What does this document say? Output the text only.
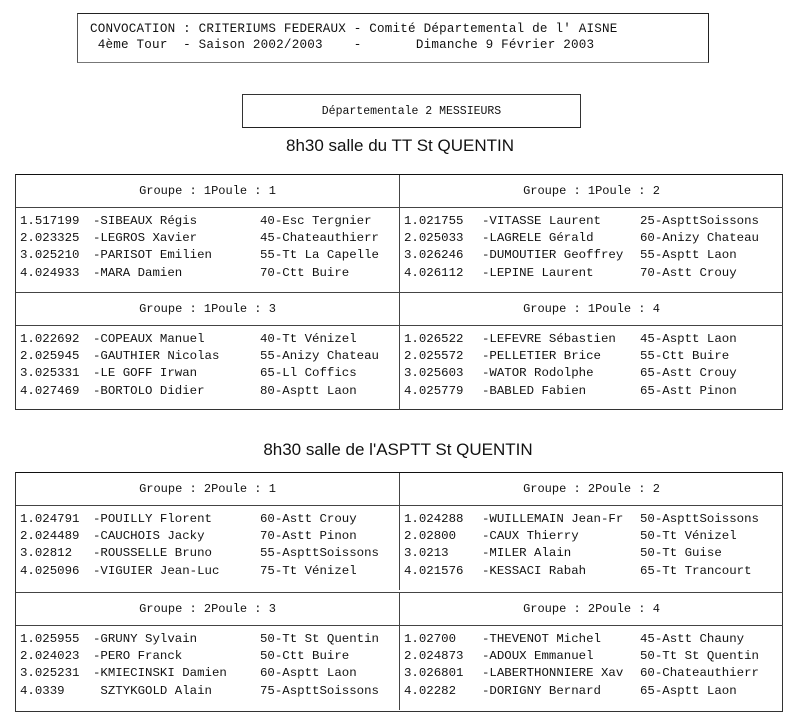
CONVOCATION : CRITERIUMS FEDERAUX - Comité Départemental de l' AISNE
4ème Tour  - Saison 2002/2003    -       Dimanche 9 Février 2003
Départementale 2 MESSIEURS
8h30 salle du TT St QUENTIN
Groupe : 1 Poule : 1
1.517199 -SIBEAUX Régis	40-Esc Tergnier
2.023325 -LEGROS Xavier	45-Chateauthierr
3.025210 -PARISOT Emilien	55-Tt La Capelle
4.024933 -MARA Damien	70-Ctt Buire
Groupe : 1 Poule : 2
1.021755 -VITASSE Laurent	25-AspttSoissons
2.025033 -LAGRELE Gérald	60-Anizy Chateau
3.026246 -DUMOUTIER Geoffrey 55-Asptt Laon
4.026112 -LEPINE Laurent	70-Astt Crouy
Groupe : 1 Poule : 3
1.022692 -COPEAUX Manuel	40-Tt Vénizel
2.025945 -GAUTHIER Nicolas	55-Anizy Chateau
3.025331 -LE GOFF Irwan	65-Ll Coffics
4.027469 -BORTOLO Didier	80-Asptt Laon
Groupe : 1 Poule : 4
1.026522 -LEFEVRE Sébastien 45-Asptt Laon
2.025572 -PELLETIER Brice	55-Ctt Buire
3.025603 -WATOR Rodolphe	65-Astt Crouy
4.025779 -BABLED Fabien	65-Astt Pinon
8h30 salle de l'ASPTT St QUENTIN
Groupe : 2 Poule : 1
1.024791 -POUILLY Florent	60-Astt Crouy
2.024489 -CAUCHOIS Jacky	70-Astt Pinon
3.02812 -ROUSSELLE Bruno	55-AspttSoissons
4.025096 -VIGUIER Jean-Luc	75-Tt Vénizel
Groupe : 2 Poule : 2
1.024288 -WUILLEMAIN Jean-Fr 50-AspttSoissons
2.02800 -CAUX Thierry	50-Tt Vénizel
3.0213	-MILER Alain	50-Tt Guise
4.021576 -KESSACI Rabah	65-Tt Trancourt
Groupe : 2 Poule : 3
1.025955 -GRUNY Sylvain	50-Tt St Quentin
2.024023 -PERO Franck	50-Ctt Buire
3.025231 -KMIECINSKI Damien	60-Asptt Laon
4.0339 SZTYKGOLD Alain	75-AspttSoissons
Groupe : 2 Poule : 4
1.02700 -THEVENOT Michel	45-Astt Chauny
2.024873 -ADOUX Emmanuel	50-Tt St Quentin
3.026801 -LABERTHONNIERE Xav 60-Chateauthierr
4.02282 -DORIGNY Bernard	65-Asptt Laon
